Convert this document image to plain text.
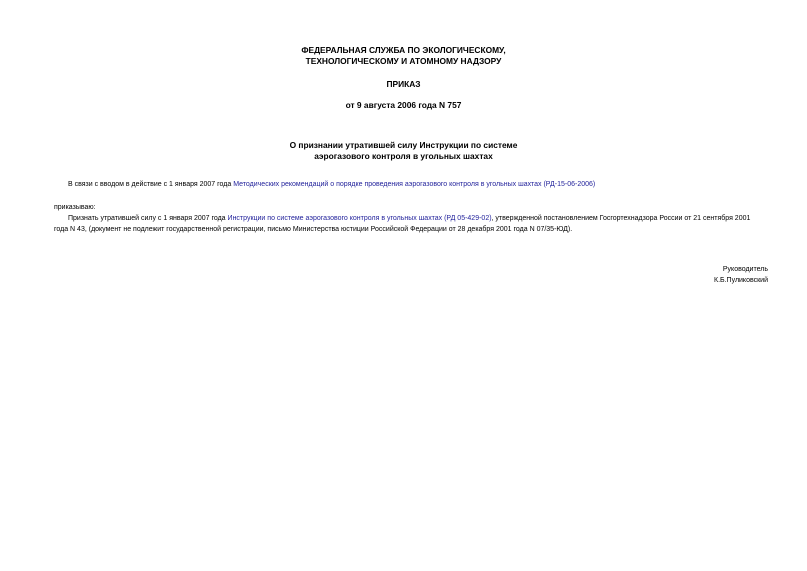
ФЕДЕРАЛЬНАЯ СЛУЖБА ПО ЭКОЛОГИЧЕСКОМУ,
ТЕХНОЛОГИЧЕСКОМУ И АТОМНОМУ НАДЗОРУ
ПРИКАЗ
от 9 августа 2006 года N 757
О признании утратившей силу Инструкции по системе
аэрогазового контроля в угольных шахтах
В связи с вводом в действие с 1 января 2007 года Методических рекомендаций о порядке проведения аэрогазового контроля в угольных шахтах (РД-15-06-2006)
приказываю:
Признать утратившей силу с 1 января 2007 года Инструкции по системе аэрогазового контроля в угольных шахтах (РД 05-429-02), утвержденной постановлением Госгортехнадзора России от 21 сентября 2001
года N 43, (документ не подлежит государственной регистрации, письмо Министерства юстиции Российской Федерации от 28 декабря 2001 года N 07/35-ЮД).
Руководитель
К.Б.Пуликовский
